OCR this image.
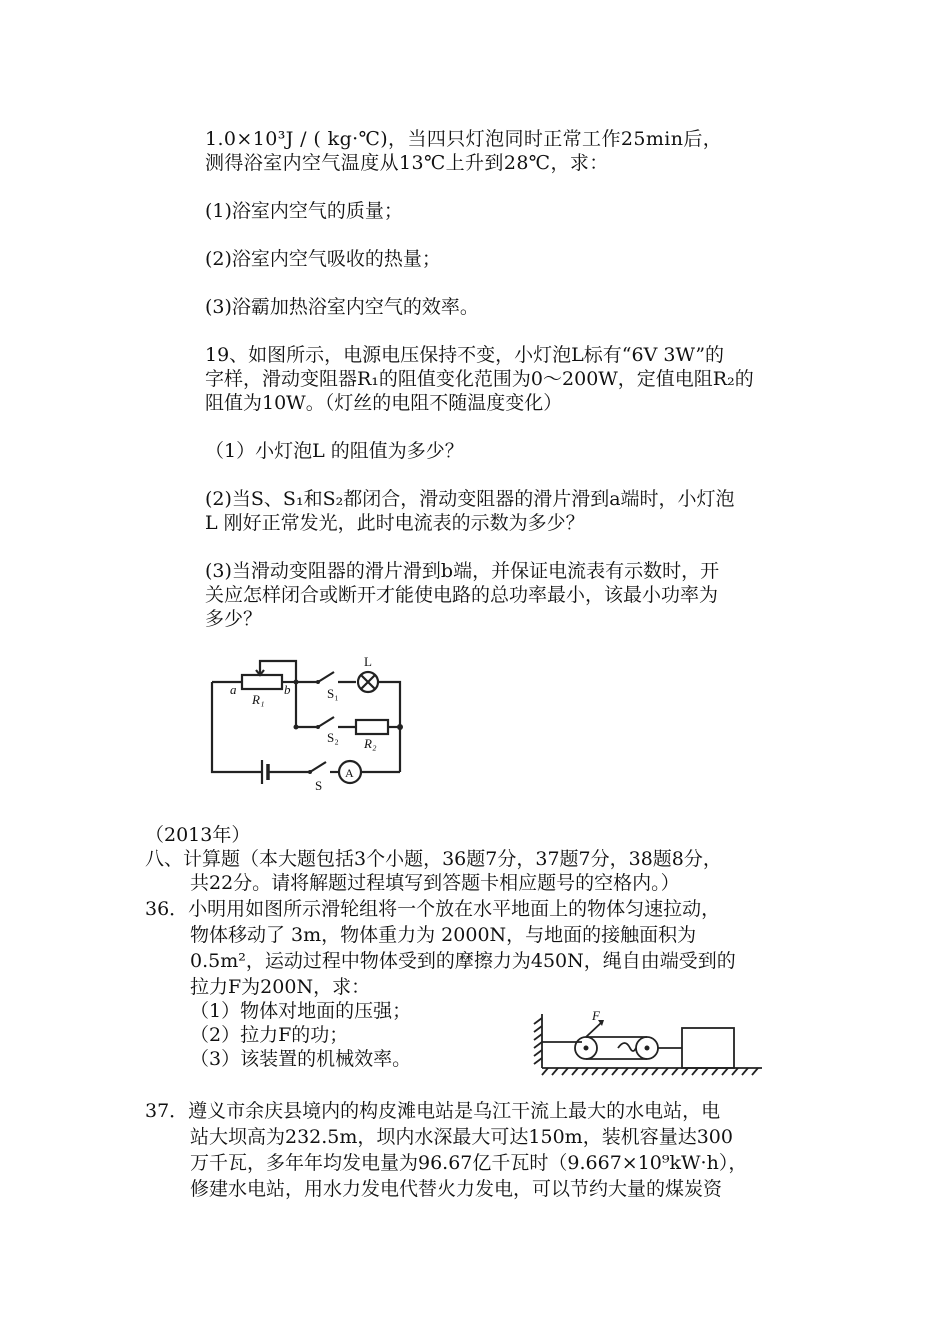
1.0×10³J / ( kg·℃)，当四只灯泡同时正常工作25min后，
测得浴室内空气温度从13℃上升到28℃，求：
(1)浴室内空气的质量；
(2)浴室内空气吸收的热量；
(3)浴霸加热浴室内空气的效率。
19、如图所示，电源电压保持不变，小灯泡L标有“6V 3W”的
字样，滑动变阻器R₁的阻值变化范围为0～200W，定值电阻R₂的
阻值为10W。（灯丝的电阻不随温度变化）
（1）小灯泡L 的阻值为多少？
(2)当S、S₁和S₂都闭合，滑动变阻器的滑片滑到a端时，小灯泡
L 刚好正常发光，此时电流表的示数为多少？
(3)当滑动变阻器的滑片滑到b端，并保证电流表有示数时，开
关应怎样闭合或断开才能使电路的总功率最小，该最小功率为
多少？
a	b
R₁	S₁
L
S₂ R₂
S
A
（2013年）
八、计算题（本大题包括3个小题，36题7分，37题7分，38题8分，
共22分。请将解题过程填写到答题卡相应题号的空格内。）
36．小明用如图所示滑轮组将一个放在水平地面上的物体匀速拉动，
物体移动了 3m，物体重力为 2000N，与地面的接触面积为
0.5m²，运动过程中物体受到的摩擦力为450N，绳自由端受到的
拉力F为200N，求：
（1）物体对地面的压强；
（2）拉力F的功；
（3）该装置的机械效率。
F
37．遵义市余庆县境内的构皮滩电站是乌江干流上最大的水电站，电
站大坝高为232.5m，坝内水深最大可达150m，装机容量达300
万千瓦，多年年均发电量为96.67亿千瓦时（9.667×10⁹kW·h），
修建水电站，用水力发电代替火力发电，可以节约大量的煤炭资
